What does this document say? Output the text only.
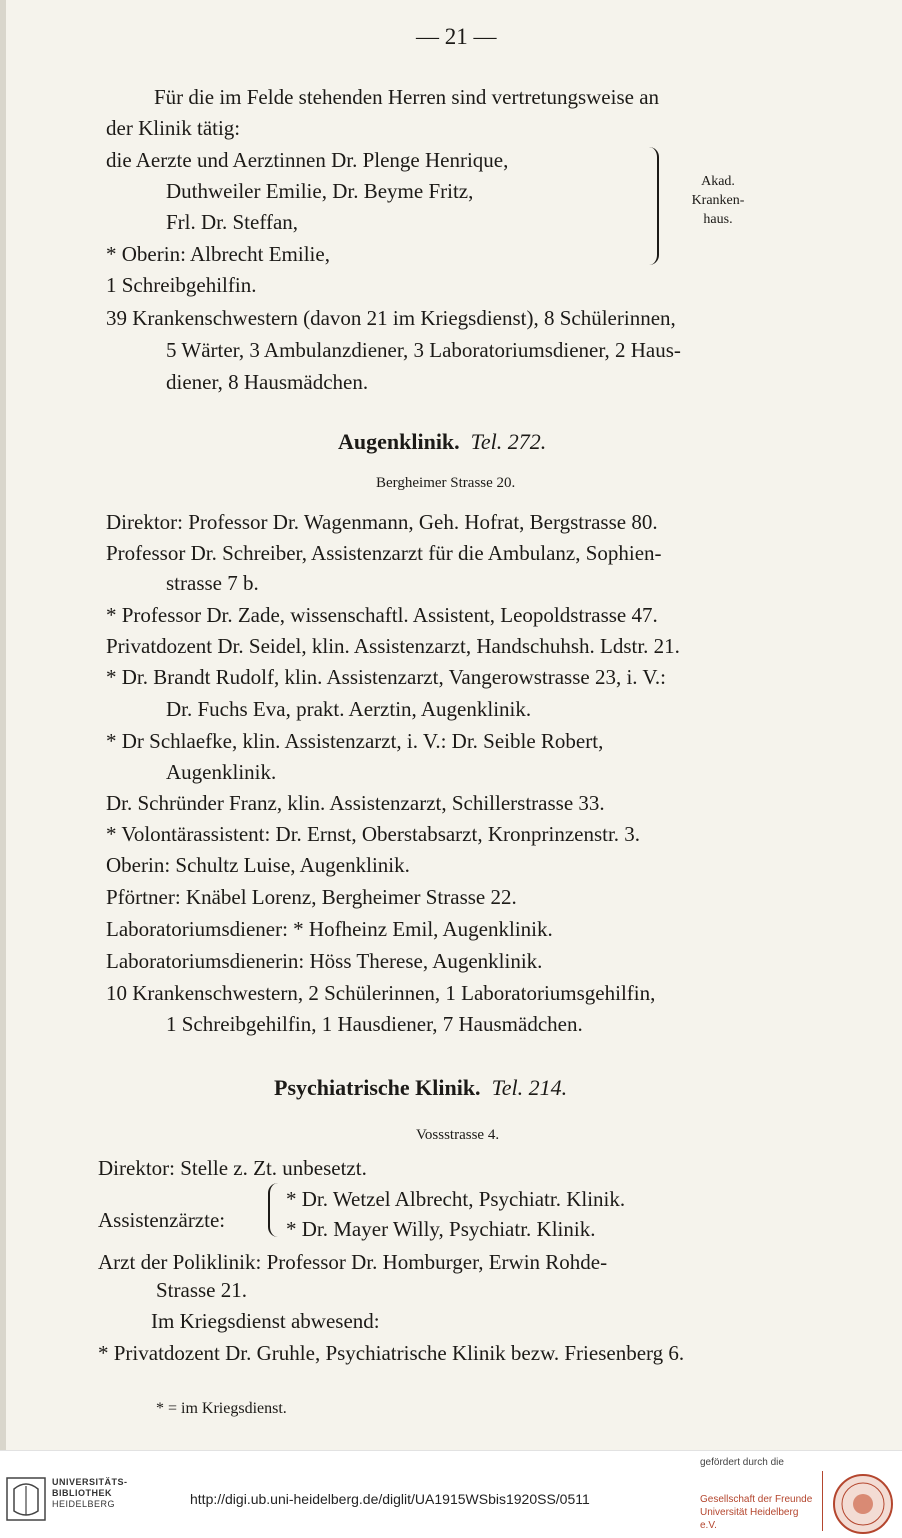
— 21 —
Für die im Felde stehenden Herren sind vertretungsweise an
der Klinik tätig:
die Aerzte und Aerztinnen Dr. Plenge Henrique,
Duthweiler Emilie, Dr. Beyme Fritz,
Frl. Dr. Steffan,
* Oberin: Albrecht Emilie,
1 Schreibgehilfin.
39 Krankenschwestern (davon 21 im Kriegsdienst), 8 Schülerinnen,
5 Wärter, 3 Ambulanzdiener, 3 Laboratoriumsdiener, 2 Haus-
diener, 8 Hausmädchen.
Akad.
Kranken-
haus.
Augenklinik. Tel. 272.
Bergheimer Strasse 20.
Direktor: Professor Dr. Wagenmann, Geh. Hofrat, Bergstrasse 80.
Professor Dr. Schreiber, Assistenzarzt für die Ambulanz, Sophien-
strasse 7 b.
* Professor Dr. Zade, wissenschaftl. Assistent, Leopoldstrasse 47.
Privatdozent Dr. Seidel, klin. Assistenzarzt, Handschuhsh. Ldstr. 21.
* Dr. Brandt Rudolf, klin. Assistenzarzt, Vangerowstrasse 23, i. V.:
Dr. Fuchs Eva, prakt. Aerztin, Augenklinik.
* Dr Schlaefke, klin. Assistenzarzt, i. V.: Dr. Seible Robert,
Augenklinik.
Dr. Schründer Franz, klin. Assistenzarzt, Schillerstrasse 33.
* Volontärassistent: Dr. Ernst, Oberstabsarzt, Kronprinzenstr. 3.
Oberin: Schultz Luise, Augenklinik.
Pförtner: Knäbel Lorenz, Bergheimer Strasse 22.
Laboratoriumsdiener: * Hofheinz Emil, Augenklinik.
Laboratoriumsdienerin: Höss Therese, Augenklinik.
10 Krankenschwestern, 2 Schülerinnen, 1 Laboratoriumsgehilfin,
1 Schreibgehilfin, 1 Hausdiener, 7 Hausmädchen.
Psychiatrische Klinik. Tel. 214.
Vossstrasse 4.
Direktor: Stelle z. Zt. unbesetzt.
Assistenzärzte:
* Dr. Wetzel Albrecht, Psychiatr. Klinik.
* Dr. Mayer Willy, Psychiatr. Klinik.
Arzt der Poliklinik: Professor Dr. Homburger, Erwin Rohde-
Strasse 21.
Im Kriegsdienst abwesend:
* Privatdozent Dr. Gruhle, Psychiatrische Klinik bezw. Friesenberg 6.
* = im Kriegsdienst.
UNIVERSITÄTS-
BIBLIOTHEK
HEIDELBERG	http://digi.ub.uni-heidelberg.de/diglit/UA1915WSbis1920SS/0511
gefördert durch die
Gesellschaft der Freunde
Universität Heidelberg e.V.
